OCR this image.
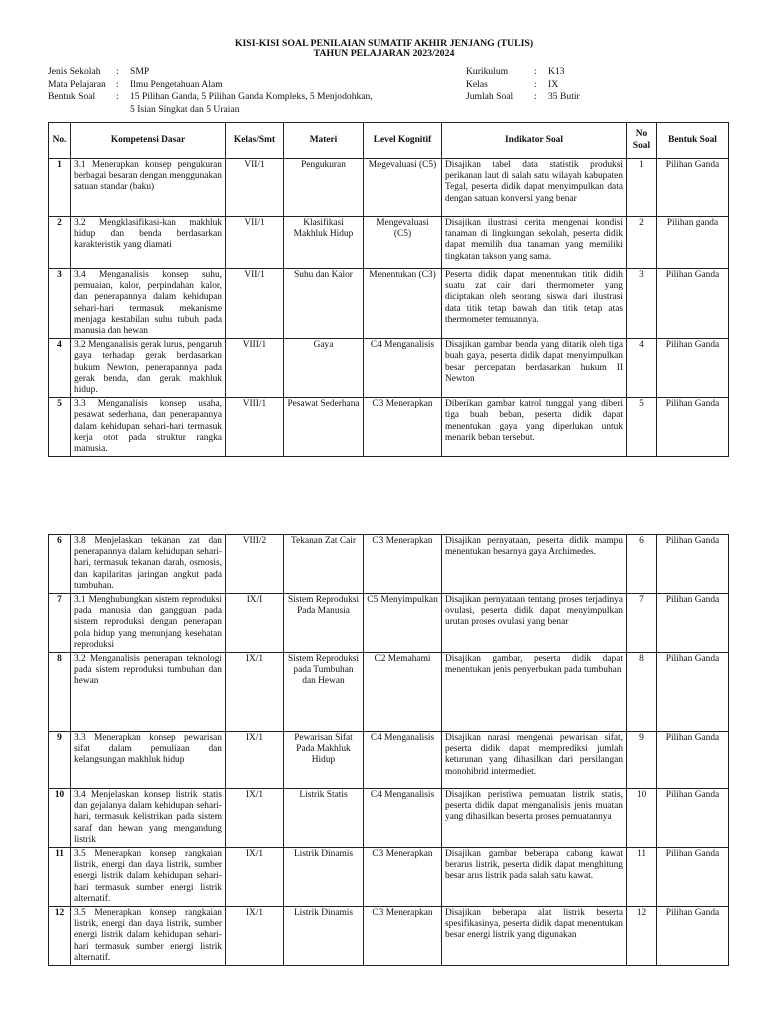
KISI-KISI SOAL PENILAIAN SUMATIF AKHIR JENJANG (TULIS)
TAHUN PELAJARAN 2023/2024
Jenis Sekolah	:	SMP
Mata Pelajaran	:	Ilmu Pengetahuan Alam
Bentuk Soal	:	15 Pilihan Ganda, 5 Pilihan Ganda Kompleks, 5 Menjodohkan,
		5 Isian Singkat dan 5 Uraian
Kurikulum	:	K13
Kelas	:	IX
Jumlah Soal	:	35 Butir
No.	Kompetensi Dasar	Kelas/Smt	Materi	Level Kognitif	Indikator Soal	No Soal	Bentuk Soal
1	3.1 Menerapkan konsep pengukuran berbagai besaran dengan menggunakan satuan standar (baku)	VII/1	Pengukuran	Megevaluasi (C5)	Disajikan tabel data statistik produksi perikanan laut di salah satu wilayah kabupaten Tegal, peserta didik dapat menyimpulkan data dengan satuan konversi yang benar	1	Pilihan Ganda
2	3.2 Mengklasifikasi-kan makhluk hidup dan benda berdasarkan karakteristik yang diamati	VII/1	Klasifikasi Makhluk Hidup	Mengevaluasi (C5)	Disajikan ilustrasi cerita mengenai kondisi tanaman di lingkungan sekolah, peserta didik dapat memilih dua tanaman yang memiliki tingkatan takson yang sama.	2	Pilihan ganda
3	3.4 Menganalisis konsep suhu, pemuaian, kalor, perpindahan kalor, dan penerapannya dalam kehidupan sehari-hari termasuk mekanisme menjaga kestabilan suhu tubuh pada manusia dan hewan	VII/1	Suhu dan Kalor	Menentukan (C3)	Peserta didik dapat menentukan titik didih suatu zat cair dari thermometer yang diciptakan oleh seorang siswa dari ilustrasi data titik tetap bawah dan titik tetap atas thermometer temuannya.	3	Pilihan Ganda
4	3.2 Menganalisis gerak lurus, pengaruh gaya terhadap gerak berdasarkan hukum Newton, penerapannya pada gerak benda, dan gerak makhluk hidup.	VIII/1	Gaya	C4 Menganalisis	Disajikan gambar benda yang ditarik oleh tiga buah gaya, peserta didik dapat menyimpulkan besar percepatan berdasarkan hukum II Newton	4	Pilihan Ganda
5	3.3 Menganalisis konsep usaha, pesawat sederhana, dan penerapannya dalam kehidupan sehari-hari termasuk kerja otot pada struktur rangka manusia.	VIII/1	Pesawat Sederhana	C3 Menerapkan	Diberikan gambar katrol tunggal yang diberi tiga buah beban, peserta didik dapat menentukan gaya yang diperlukan untuk menarik beban tersebut.	5	Pilihan Ganda
6	3.8 Menjelaskan tekanan zat dan penerapannya dalam kehidupan sehari-hari, termasuk tekanan darah, osmosis, dan kapilaritas jaringan angkut pada tumbuhan.	VIII/2	Tekanan Zat Cair	C3 Menerapkan	Disajikan pernyataan, peserta didik mampu menentukan besarnya gaya Archimedes.	6	Pilihan Ganda
7	3.1 Menghubungkan sistem reproduksi pada manusia dan gangguan pada sistem reproduksi dengan penerapan pola hidup yang menunjang kesehatan reproduksi	IX/I	Sistem Reproduksi Pada Manusia	C5 Menyimpulkan	Disajikan pernyataan tentang proses terjadinya ovulasi, peserta didik dapat menyimpulkan urutan proses ovulasi yang benar	7	Pilihan Ganda
8	3.2 Menganalisis penerapan teknologi pada sistem reproduksi tumbuhan dan hewan	IX/1	Sistem Reproduksi pada Tumbuhan dan Hewan	C2 Memahami	Disajikan gambar, peserta didik dapat menentukan jenis penyerbukan pada tumbuhan	8	Pilihan Ganda
9	3.3 Menerapkan konsep pewarisan sifat dalam pemuliaan dan kelangsungan makhluk hidup	IX/1	Pewarisan Sifat Pada Makhluk Hidup	C4 Menganalisis	Disajikan narasi mengenai pewarisan sifat, peserta didik dapat memprediksi jumlah keturunan yang dihasilkan dari persilangan monohibrid intermediet.	9	Pilihan Ganda
10	3.4 Menjelaskan konsep listrik statis dan gejalanya dalam kehidupan sehari-hari, termasuk kelistrikan pada sistem saraf dan hewan yang mengandung listrik	IX/1	Listrik Statis	C4 Menganalisis	Disajikan peristiwa pemuatan listrik statis, peserta didik dapat menganalisis jenis muatan yang dihasilkan beserta proses pemuatannya	10	Pilihan Ganda
11	3.5 Menerapkan konsep rangkaian listrik, energi dan daya listrik, sumber energi listrik dalam kehidupan sehari-hari termasuk sumber energi listrik alternatif.	IX/1	Listrik Dinamis	C3 Menerapkan	Disajikan gambar beberapa cabang kawat berarus listrik, peserta didik dapat menghitung besar arus listrik pada salah satu kawat.	11	Pilihan Ganda
12	3.5 Menerapkan konsep rangkaian listrik, energi dan daya listrik, sumber energi listrik dalam kehidupan sehari-hari termasuk sumber energi listrik alternatif.	IX/1	Listrik Dinamis	C3 Menerapkan	Disajikan beberapa alat listrik beserta spesifikasinya, peserta didik dapat menentukan besar energi listrik yang digunakan	12	Pilihan Ganda
